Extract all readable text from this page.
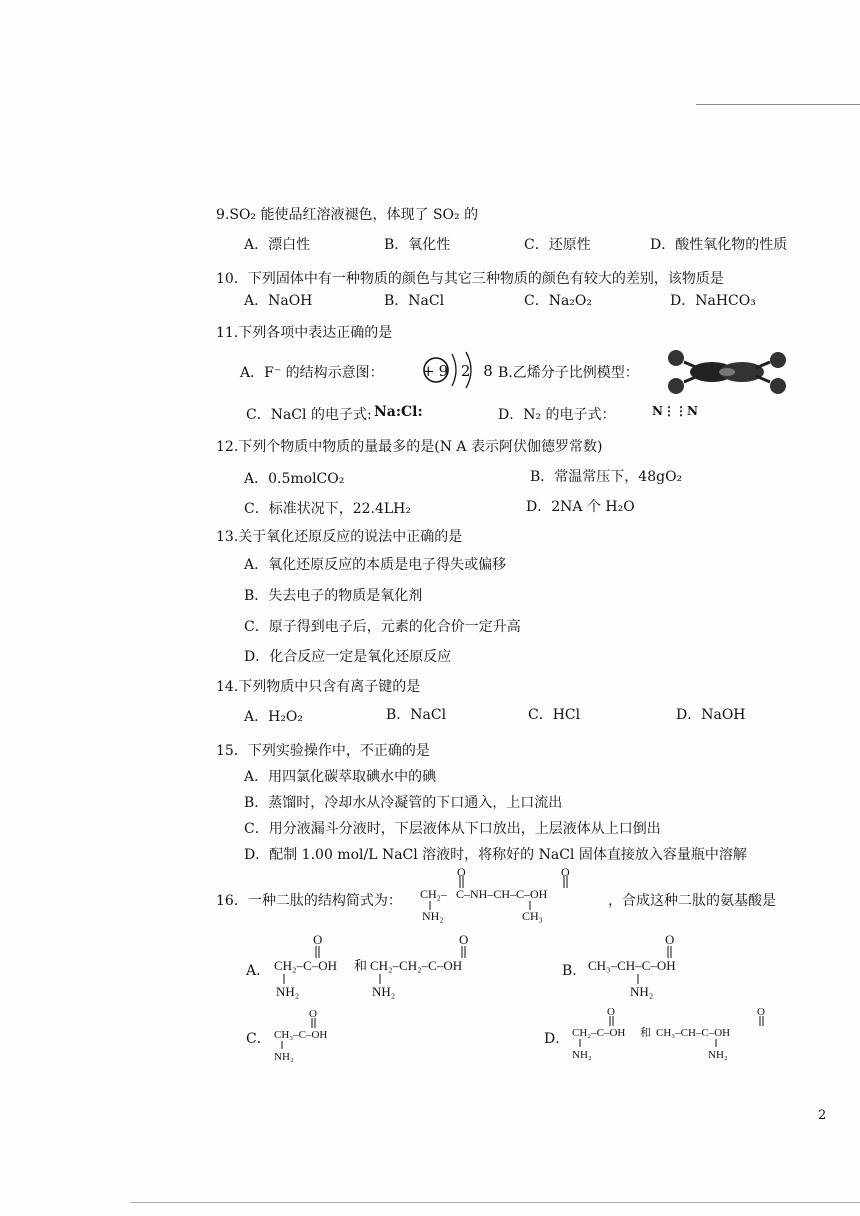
9.SO₂ 能使品红溶液褪色，体现了 SO₂ 的
A．漂白性	B．氧化性	C．还原性	D．酸性氧化物的性质
10．下列固体中有一种物质的颜色与其它三种物质的颜色有较大的差别，该物质是
A．NaOH	B．NaCl	C．Na₂O₂	D．NaHCO₃
11.下列各项中表达正确的是
A．F⁻ 的结构示意图：	+9 2 8 B.乙烯分子比例模型：
C．NaCl 的电子式: Na:Cl:	D．N₂ 的电子式：	N⋮⋮N
12.下列个物质中物质的量最多的是(N A 表示阿伏伽德罗常数)
A．0.5molCO₂	B．常温常压下，48gO₂
C．标准状况下，22.4LH₂	D．2NA 个 H₂O
13.关于氧化还原反应的说法中正确的是
A．氧化还原反应的本质是电子得失或偏移
B．失去电子的物质是氧化剂
C．原子得到电子后，元素的化合价一定升高
D．化合反应一定是氧化还原反应
14.下列物质中只含有离子键的是
A．H₂O₂	B．NaCl	C．HCl	D．NaOH
15．下列实验操作中，不正确的是
A．用四氯化碳萃取碘水中的碘
B．蒸馏时，冷却水从冷凝管的下口通入，上口流出
C．用分液漏斗分液时，下层液体从下口放出，上层液体从上口倒出
D．配制 1.00 mol/L NaCl 溶液时，将称好的 NaCl 固体直接放入容量瓶中溶解
16．一种二肽的结构简式为： CH₂– C–NH–CH–C–OH
O	O
NH₂	CH₃
，合成这种二肽的氨基酸是
A． CH₂–C–OH 和 CH₂–CH₂–C–OH
O	O
NH₂	NH₂
B． CH₃–CH–C–OH
O
NH₂
C． CH₃–C–OH
O
NH₂
D． CH₂–C–OH 和 CH₃–CH–C–OH
O	O
NH₂	NH₂
2
